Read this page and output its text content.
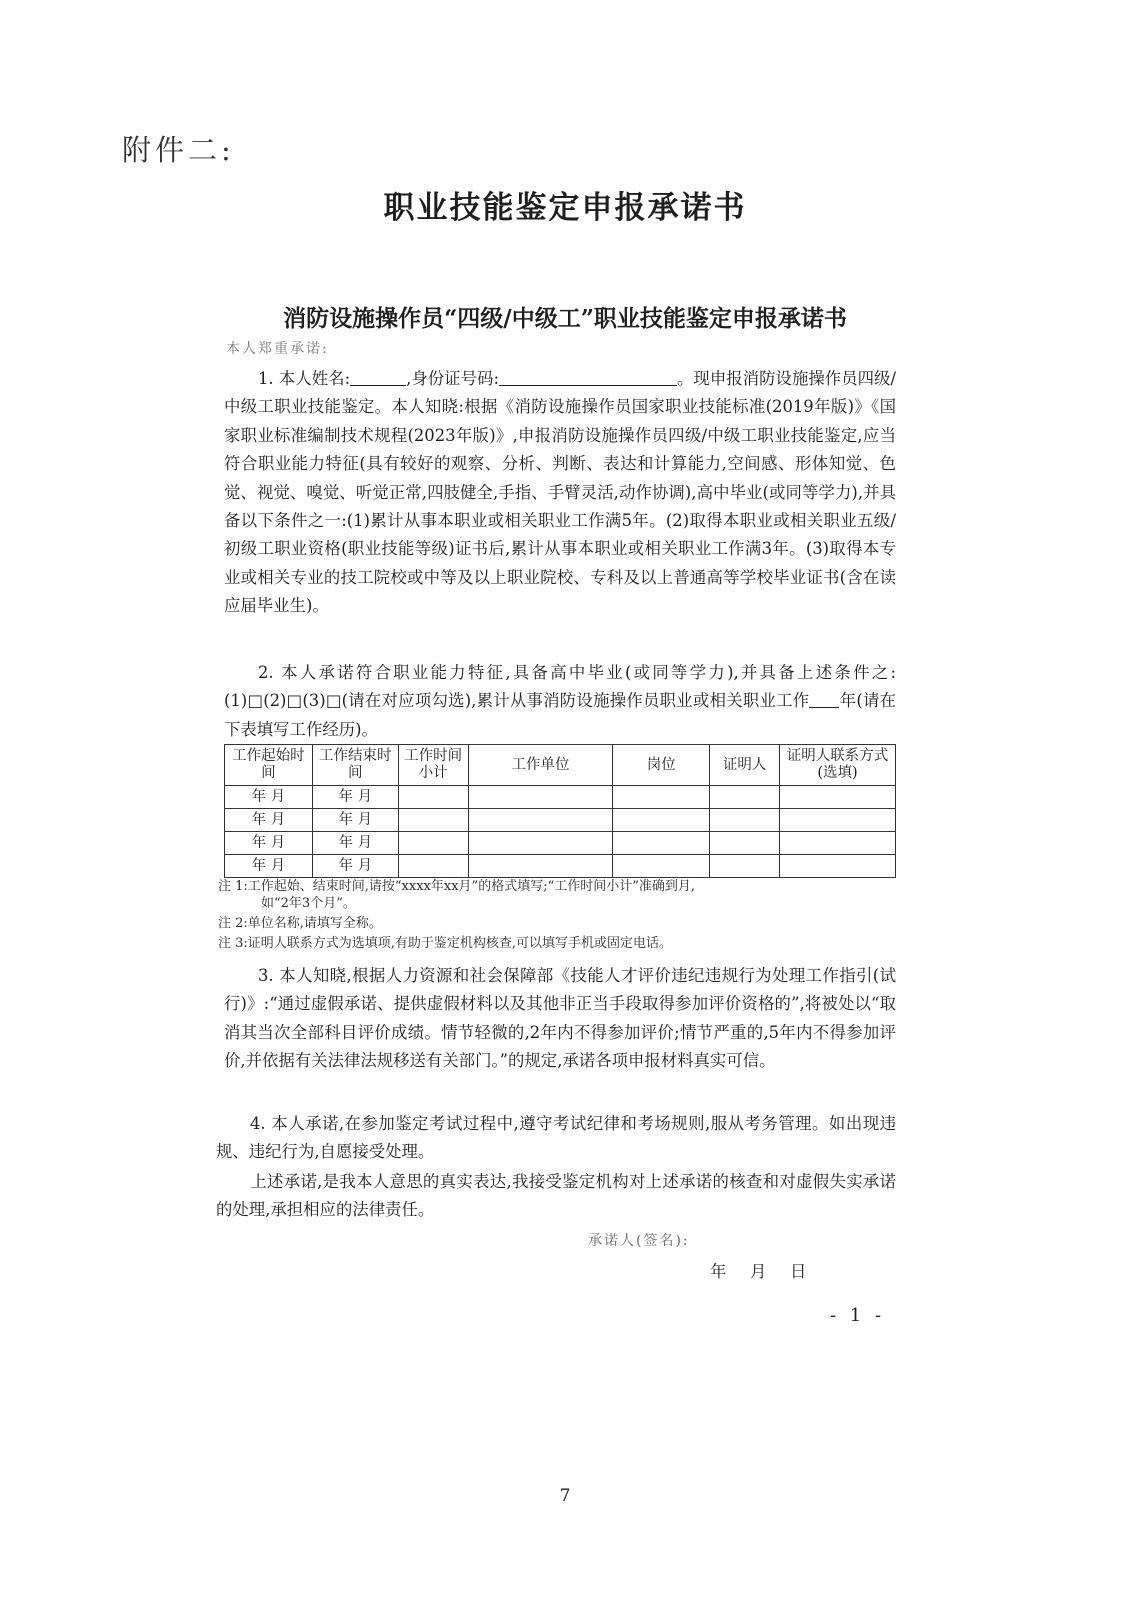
附件二:
职业技能鉴定申报承诺书
消防设施操作员“四级/中级工”职业技能鉴定申报承诺书
本人郑重承诺:
1. 本人姓名:	,身份证号码:	。现申报消防设施操作员四级/中级工职业技能鉴定。本人知晓:根据《消防设施操作员国家职业技能标准(2019年版)》《国家职业标准编制技术规程(2023年版)》,申报消防设施操作员四级/中级工职业技能鉴定,应当符合职业能力特征(具有较好的观察、分析、判断、表达和计算能力,空间感、形体知觉、色觉、视觉、嗅觉、听觉正常,四肢健全,手指、手臂灵活,动作协调),高中毕业(或同等学力),并具备以下条件之一:(1)累计从事本职业或相关职业工作满5年。(2)取得本职业或相关职业五级/初级工职业资格(职业技能等级)证书后,累计从事本职业或相关职业工作满3年。(3)取得本专业或相关专业的技工院校或中等及以上职业院校、专科及以上普通高等学校毕业证书(含在读应届毕业生)。
2. 本人承诺符合职业能力特征,具备高中毕业(或同等学力),并具备上述条件之:(1)□(2)□(3)□(请在对应项勾选),累计从事消防设施操作员职业或相关职业工作 年(请在下表填写工作经历)。
工作起始时间	工作结束时间	工作时间小计	工作单位	岗位	证明人	证明人联系方式(选填)
年 月	年 月					
年 月	年 月					
年 月	年 月					
年 月	年 月					
注 1:工作起始、结束时间,请按“xxxx年xx月”的格式填写;“工作时间小计”准确到月,
如“2年3个月”。
注 2:单位名称,请填写全称。
注 3:证明人联系方式为选填项,有助于鉴定机构核查,可以填写手机或固定电话。
3. 本人知晓,根据人力资源和社会保障部《技能人才评价违纪违规行为处理工作指引(试行)》:“通过虚假承诺、提供虚假材料以及其他非正当手段取得参加评价资格的”,将被处以“取消其当次全部科目评价成绩。情节轻微的,2年内不得参加评价;情节严重的,5年内不得参加评价,并依据有关法律法规移送有关部门。”的规定,承诺各项申报材料真实可信。
4. 本人承诺,在参加鉴定考试过程中,遵守考试纪律和考场规则,服从考务管理。如出现违规、违纪行为,自愿接受处理。
上述承诺,是我本人意思的真实表达,我接受鉴定机构对上述承诺的核查和对虚假失实承诺的处理,承担相应的法律责任。
承诺人(签名):
年 月 日
- 1 -
7
